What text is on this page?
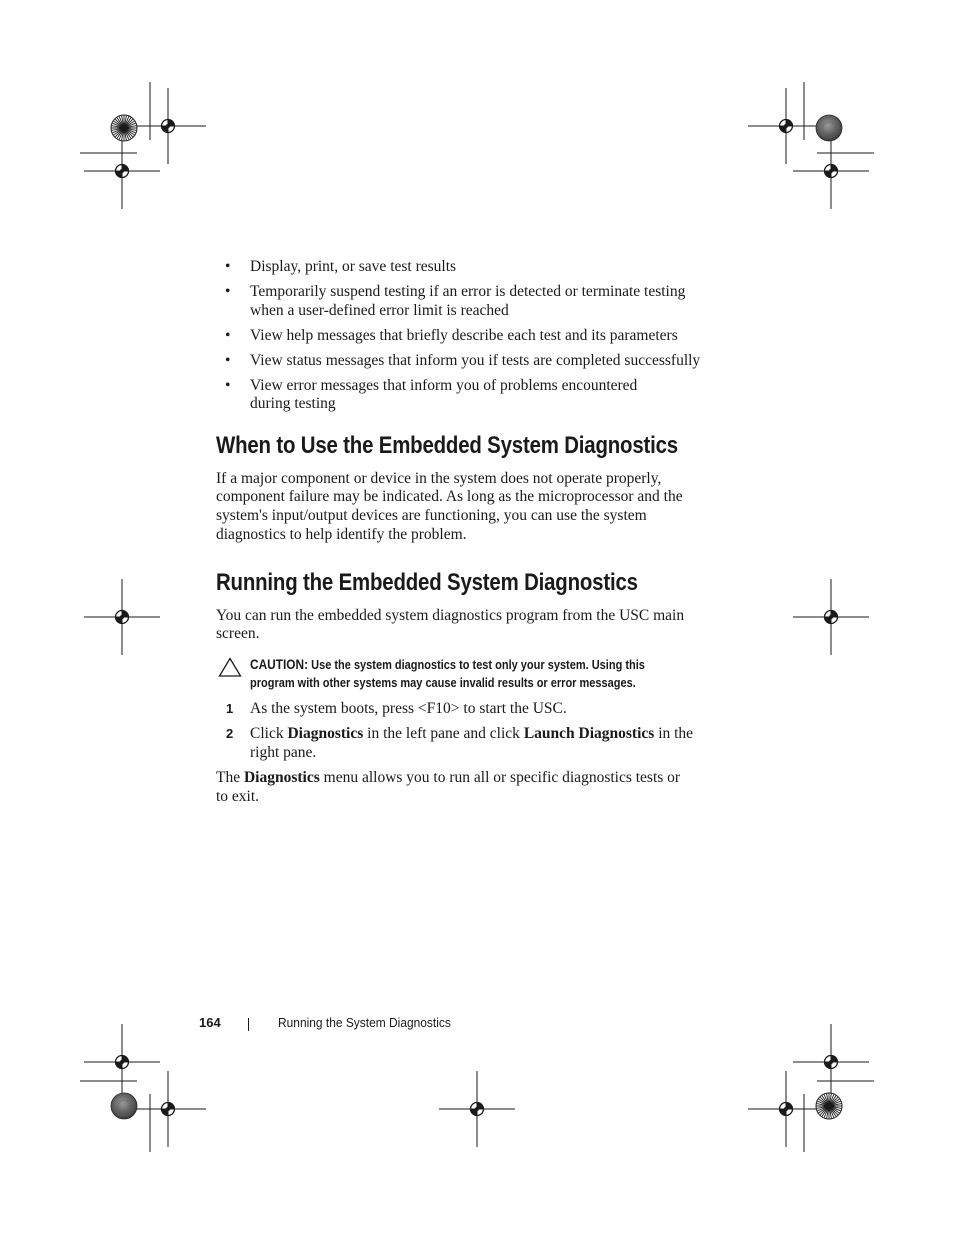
• Display, print, or save test results
• Temporarily suspend testing if an error is detected or terminate testing
when a user-defined error limit is reached
• View help messages that briefly describe each test and its parameters
• View status messages that inform you if tests are completed successfully
• View error messages that inform you of problems encountered
during testing
When to Use the Embedded System Diagnostics

If a major component or device in the system does not operate properly,
component failure may be indicated. As long as the microprocessor and the
system's input/output devices are functioning, you can use the system
diagnostics to help identify the problem.

Running the Embedded System Diagnostics

You can run the embedded system diagnostics program from the USC main
screen.

CAUTION: Use the system diagnostics to test only your system. Using this
program with other systems may cause invalid results or error messages.
1 As the system boots, press <F10> to start the USC.
2 Click Diagnostics in the left pane and click Launch Diagnostics in the
right pane.

The Diagnostics menu allows you to run all or specific diagnostics tests or
to exit.

164	Running the System Diagnostics
